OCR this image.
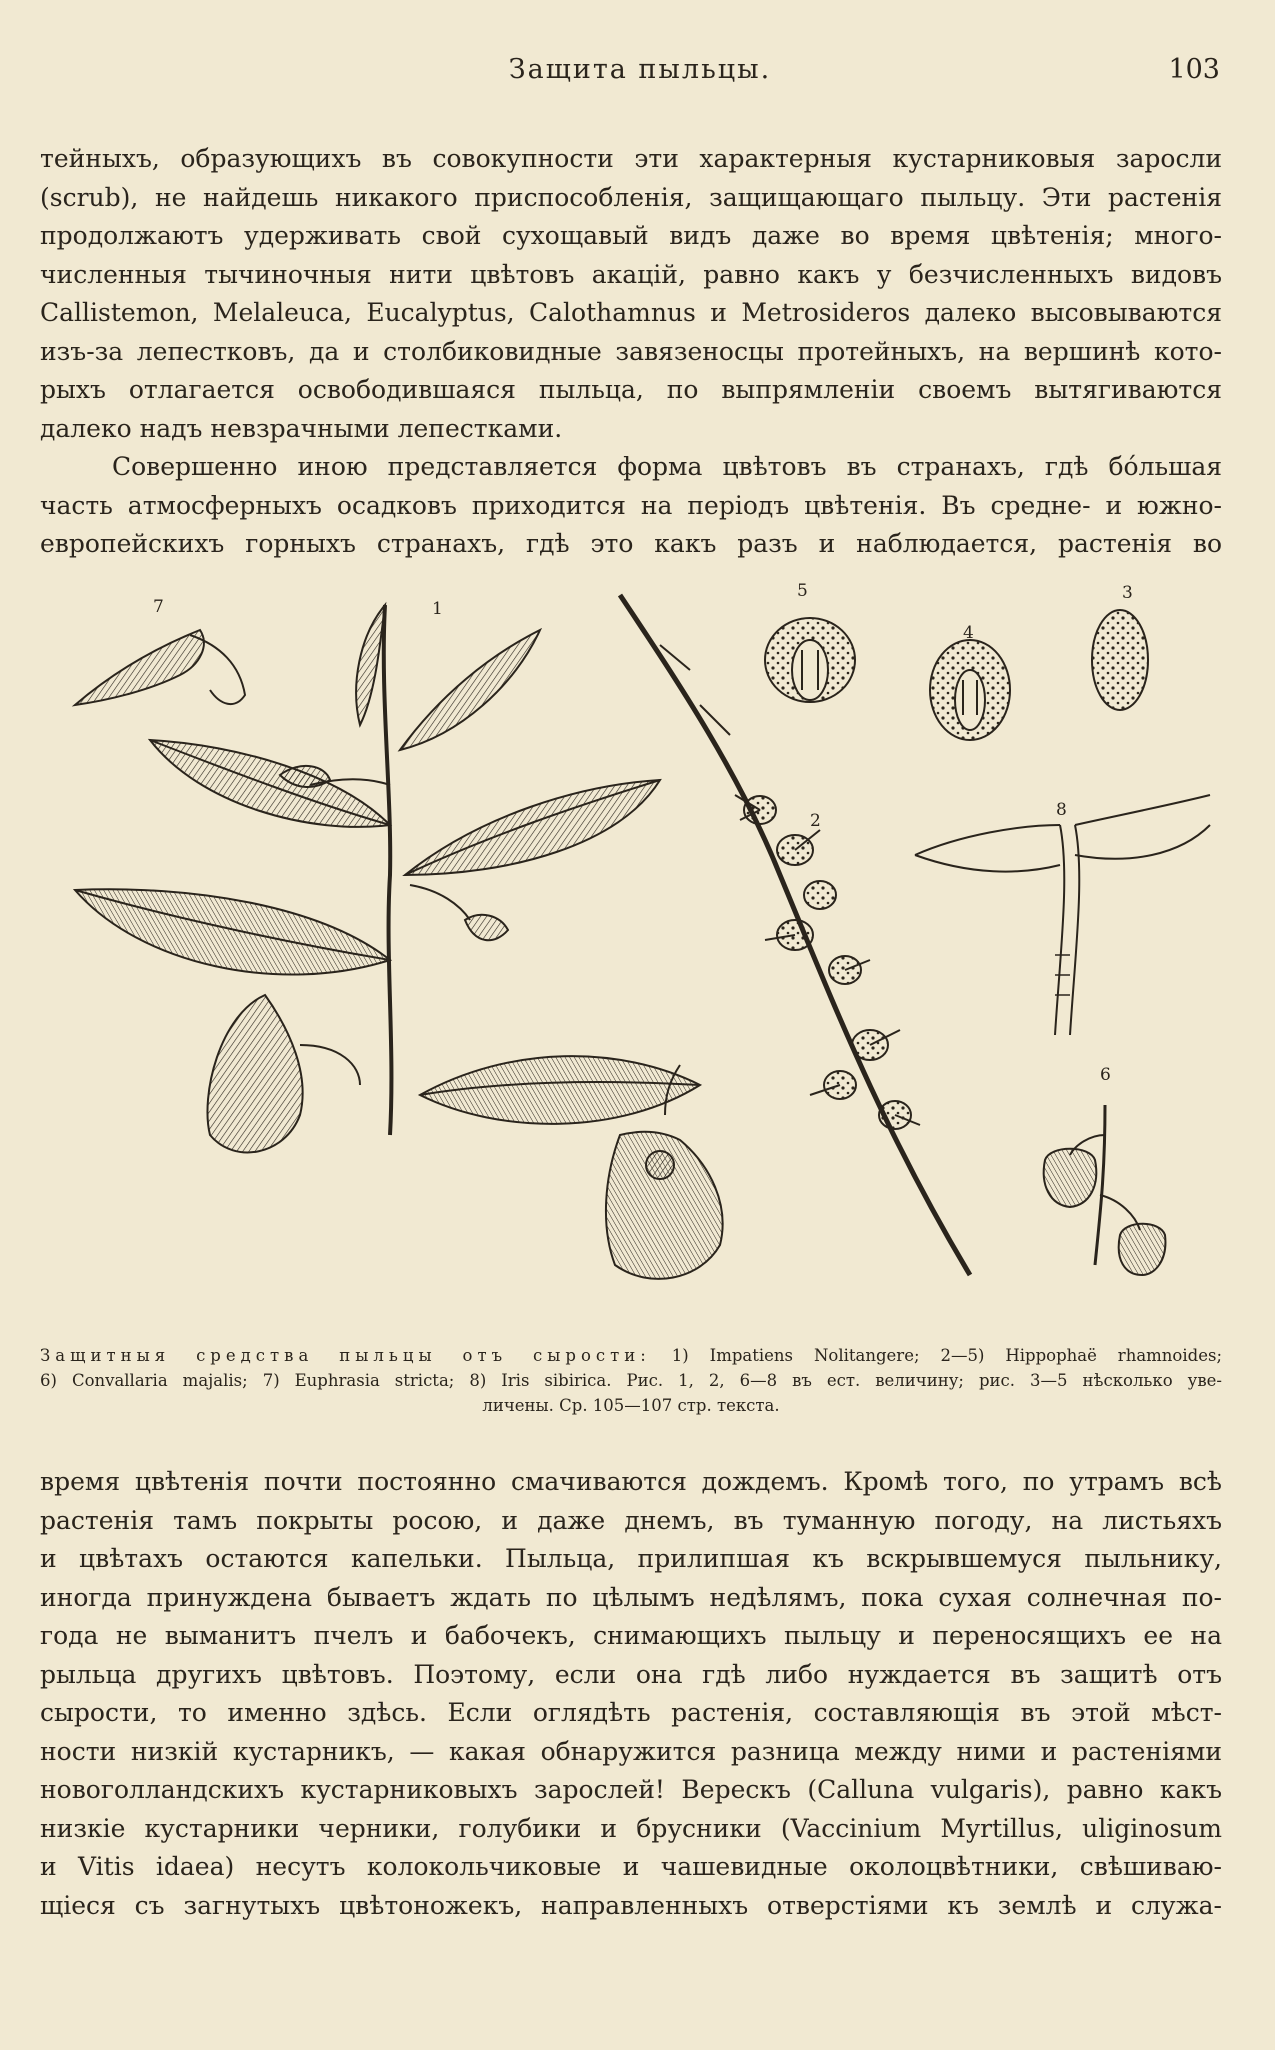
Защита пыльцы.	103
тейныхъ, образующихъ въ совокупности эти характерныя кустарниковыя заросли
(scrub), не найдешь никакого приспособленія, защищающаго пыльцу. Эти растенія
продолжаютъ удерживать свой сухощавый видъ даже во время цвѣтенія; много-
численныя тычиночныя нити цвѣтовъ акацій, равно какъ у безчисленныхъ видовъ
Callistemon, Melaleuca, Eucalyptus, Calothamnus и Metrosideros далеко высовываются
изъ-за лепестковъ, да и столбиковидные завязеносцы протейныхъ, на вершинѣ кото-
рыхъ отлагается освободившаяся пыльца, по выпрямленіи своемъ вытягиваются
далеко надъ невзрачными лепестками.
Совершенно иною представляется форма цвѣтовъ въ странахъ, гдѣ бо́льшая
часть атмосферныхъ осадковъ приходится на періодъ цвѣтенія. Въ средне- и южно-
европейскихъ горныхъ странахъ, гдѣ это какъ разъ и наблюдается, растенія во
7	1
5
4
3
2
8
6
Защитныя средства пыльцы отъ сырости: 1) Impatiens Nolitangere; 2—5) Hippophaë rhamnoides;
6) Convallaria majalis; 7) Euphrasia stricta; 8) Iris sibirica. Рис. 1, 2, 6—8 въ ест. величину; рис. 3—5 нѣсколько уве-
личены. Ср. 105—107 стр. текста.
время цвѣтенія почти постоянно смачиваются дождемъ. Кромѣ того, по утрамъ всѣ
растенія тамъ покрыты росою, и даже днемъ, въ туманную погоду, на листьяхъ
и цвѣтахъ остаются капельки. Пыльца, прилипшая къ вскрывшемуся пыльнику,
иногда принуждена бываетъ ждать по цѣлымъ недѣлямъ, пока сухая солнечная по-
года не выманитъ пчелъ и бабочекъ, снимающихъ пыльцу и переносящихъ ее на
рыльца другихъ цвѣтовъ. Поэтому, если она гдѣ либо нуждается въ защитѣ отъ
сырости, то именно здѣсь. Если оглядѣть растенія, составляющія въ этой мѣст-
ности низкій кустарникъ, — какая обнаружится разница между ними и растеніями
новоголландскихъ кустарниковыхъ зарослей! Верескъ (Calluna vulgaris), равно какъ
низкіе кустарники черники, голубики и брусники (Vaccinium Myrtillus, uliginosum
и Vitis idaea) несутъ колокольчиковые и чашевидные околоцвѣтники, свѣшиваю-
щіеся съ загнутыхъ цвѣтоножекъ, направленныхъ отверстіями къ землѣ и служа-
